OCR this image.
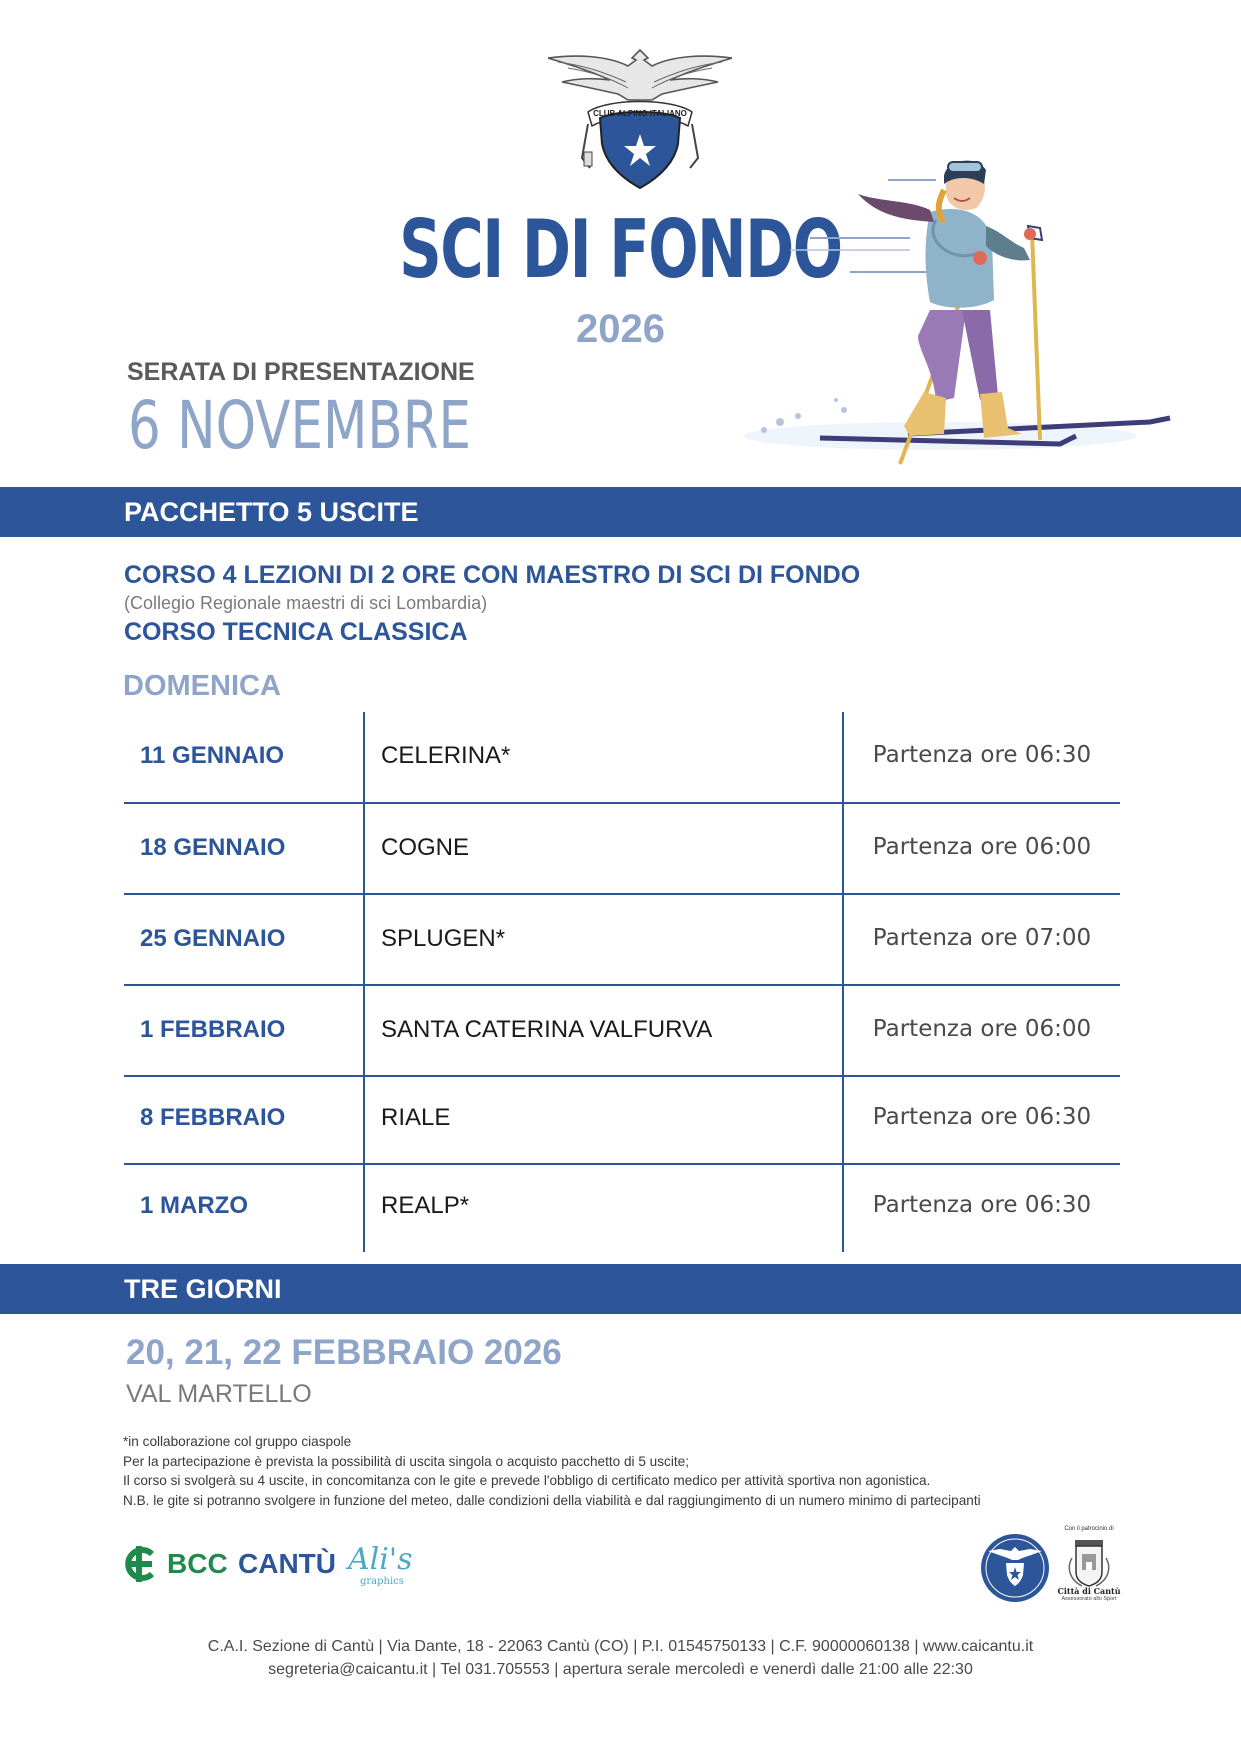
CLUB ALPINO ITALIANO
SCI DI FONDO
2026
SERATA DI PRESENTAZIONE
6 NOVEMBRE
PACCHETTO 5 USCITE
CORSO 4 LEZIONI DI 2 ORE CON MAESTRO DI SCI DI FONDO
(Collegio Regionale maestri di sci Lombardia)
CORSO TECNICA CLASSICA
DOMENICA
11 GENNAIO	CELERINA*	Partenza ore 06:30
18 GENNAIO	COGNE	Partenza ore 06:00
25 GENNAIO	SPLUGEN*	Partenza ore 07:00
1 FEBBRAIO	SANTA CATERINA VALFURVA	Partenza ore 06:00
8 FEBBRAIO	RIALE	Partenza ore 06:30
1 MARZO	REALP*	Partenza ore 06:30
TRE GIORNI
20, 21, 22 FEBBRAIO 2026
VAL MARTELLO
*in collaborazione col gruppo ciaspole
Per la partecipazione è prevista la possibilità di uscita singola o acquisto pacchetto di 5 uscite;
Il corso si svolgerà su 4 uscite, in concomitanza con le gite e prevede l'obbligo di certificato medico per attività sportiva non agonistica.
N.B. le gite si potranno svolgere in funzione del meteo, dalle condizioni della viabilità e dal raggiungimento di un numero minimo di partecipanti
BCC CANTÙ Ali's
graphics
Con il patrocinio di
Città di Cantù
Assessorato allo Sport
C.A.I. Sezione di Cantù | Via Dante, 18 - 22063 Cantù (CO) | P.I. 01545750133 | C.F. 90000060138 | www.caicantu.it
segreteria@caicantu.it | Tel 031.705553 | apertura serale mercoledì e venerdì dalle 21:00 alle 22:30
